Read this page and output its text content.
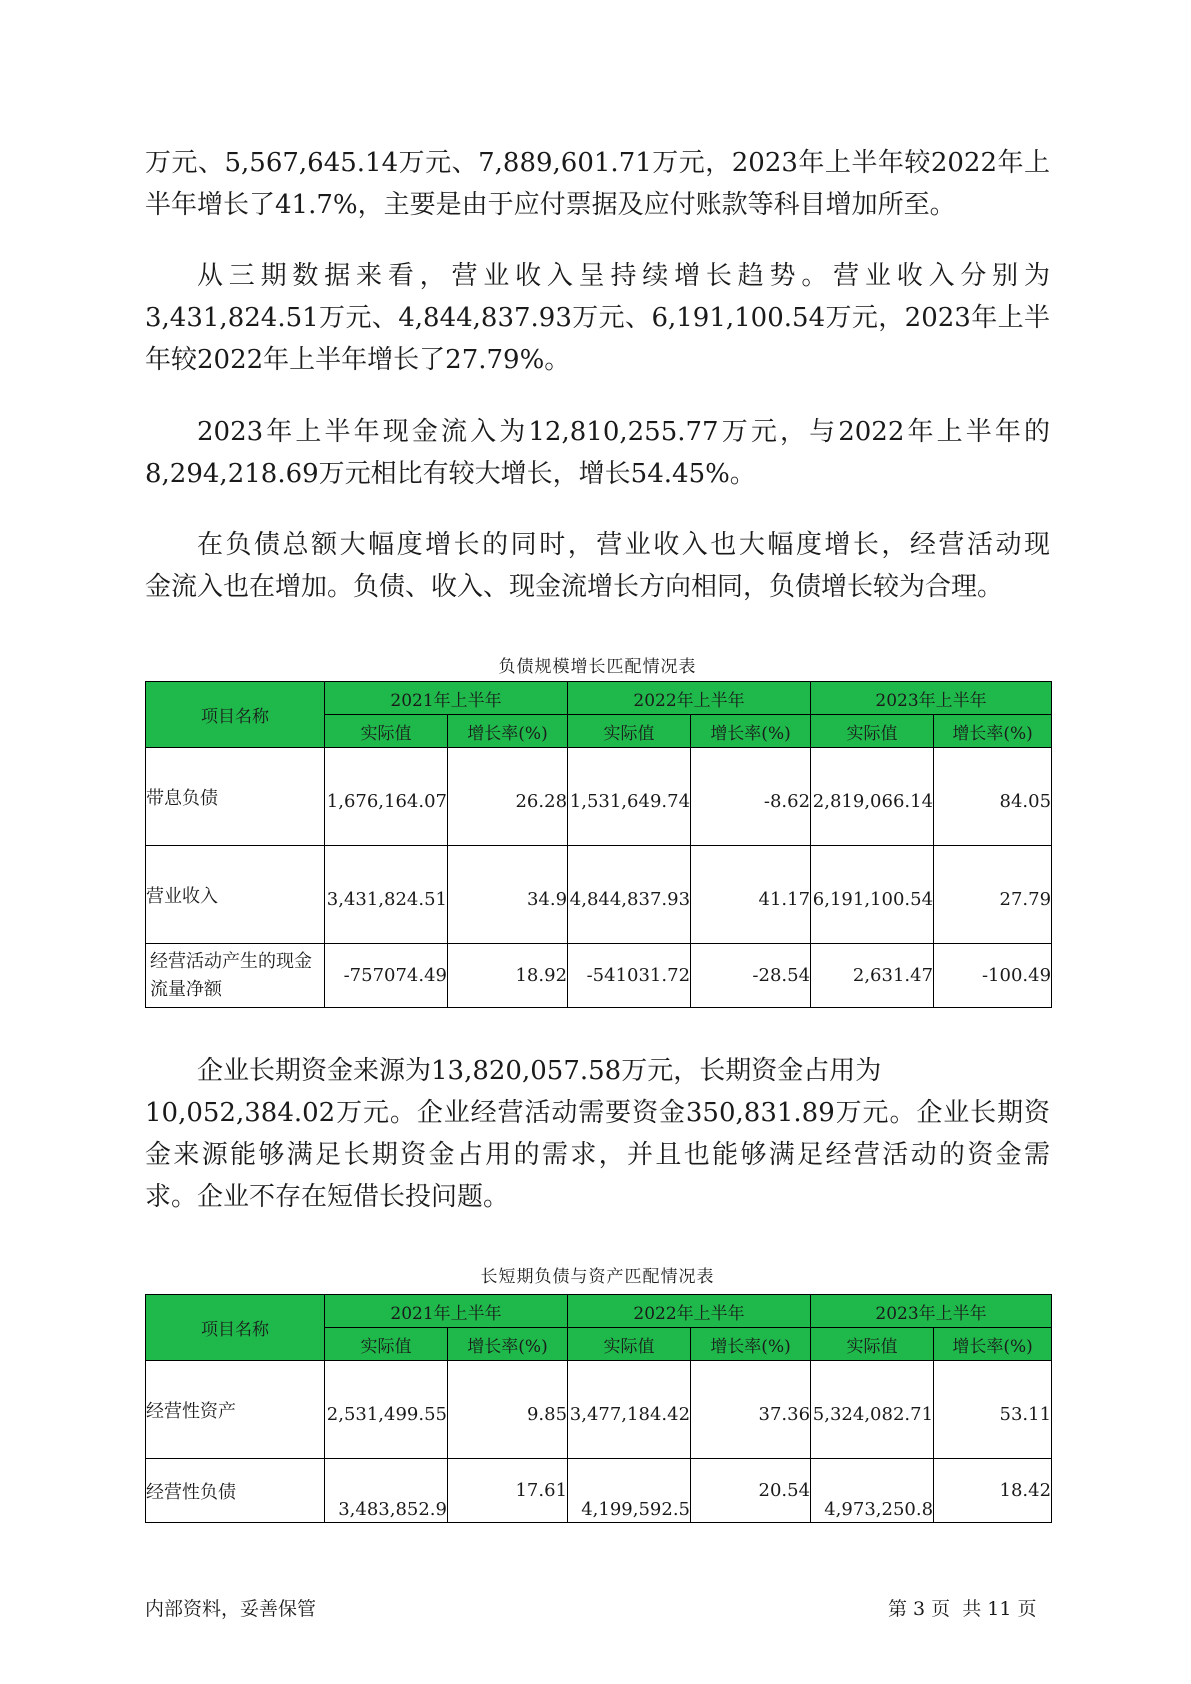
万元、5,567,645.14万元、7,889,601.71万元，2023年上半年较2022年上
半年增长了41.7%，主要是由于应付票据及应付账款等科目增加所至。
从三期数据来看，营业收入呈持续增长趋势。营业收入分别为
3,431,824.51万元、4,844,837.93万元、6,191,100.54万元，2023年上半
年较2022年上半年增长了27.79%。
2023年上半年现金流入为12,810,255.77万元，与2022年上半年的
8,294,218.69万元相比有较大增长，增长54.45%。
在负债总额大幅度增长的同时，营业收入也大幅度增长，经营活动现
金流入也在增加。负债、收入、现金流增长方向相同，负债增长较为合理。
负债规模增长匹配情况表
项目名称	2021年上半年		2022年上半年		2023年上半年	
	实际值	增长率(%)	实际值	增长率(%)	实际值	增长率(%)
带息负债	1,676,164.07	26.28	1,531,649.74	-8.62	2,819,066.14	84.05

营业收入	3,431,824.51	34.9	4,844,837.93	41.17	6,191,100.54	27.79

经营活动产生的现金流量净额	-757074.49	18.92	-541031.72	-28.54	2,631.47	-100.49
企业长期资金来源为13,820,057.58万元，长期资金占用为
10,052,384.02万元。企业经营活动需要资金350,831.89万元。企业长期资
金来源能够满足长期资金占用的需求，并且也能够满足经营活动的资金需
求。企业不存在短借长投问题。
长短期负债与资产匹配情况表
项目名称	2021年上半年		2022年上半年		2023年上半年	
	实际值	增长率(%)	实际值	增长率(%)	实际值	增长率(%)
经营性资产	2,531,499.55	9.85	3,477,184.42	37.36	5,324,082.71	53.11

经营性负债	3,483,852.9	17.61	4,199,592.5	20.54	4,973,250.8	18.42
内部资料，妥善保管	第 3 页  共 11 页
